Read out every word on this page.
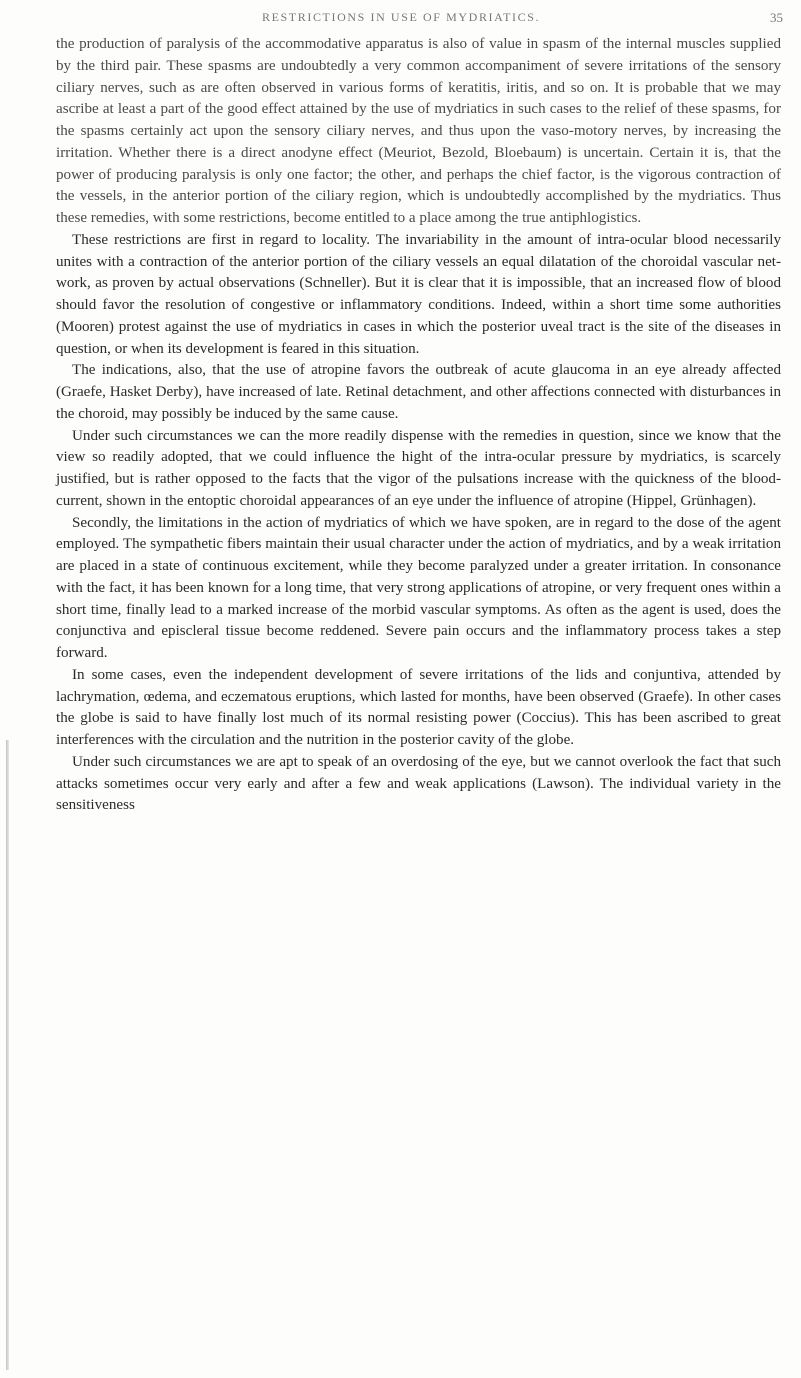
RESTRICTIONS IN USE OF MYDRIATICS.	35

the production of paralysis of the accommodative apparatus is also of value in spasm of the internal muscles supplied by the third pair. These spasms are undoubtedly a very common accompaniment of severe irritations of the sensory ciliary nerves, such as are often observed in various forms of keratitis, iritis, and so on. It is probable that we may ascribe at least a part of the good effect attained by the use of mydriatics in such cases to the relief of these spasms, for the spasms certainly act upon the sensory ciliary nerves, and thus upon the vaso-motory nerves, by increasing the irritation. Whether there is a direct anodyne effect (Meuriot, Bezold, Bloebaum) is uncertain. Certain it is, that the power of producing paralysis is only one factor; the other, and perhaps the chief factor, is the vigorous contraction of the vessels, in the anterior portion of the ciliary region, which is undoubtedly accomplished by the mydriatics. Thus these remedies, with some restrictions, become entitled to a place among the true antiphlogistics.

These restrictions are first in regard to locality. The invariability in the amount of intra-ocular blood necessarily unites with a contraction of the anterior portion of the ciliary vessels an equal dilatation of the choroidal vascular net-work, as proven by actual observations (Schneller). But it is clear that it is impossible, that an increased flow of blood should favor the resolution of congestive or inflammatory conditions. Indeed, within a short time some authorities (Mooren) protest against the use of mydriatics in cases in which the posterior uveal tract is the site of the diseases in question, or when its development is feared in this situation.

The indications, also, that the use of atropine favors the outbreak of acute glaucoma in an eye already affected (Graefe, Hasket Derby), have increased of late. Retinal detachment, and other affections connected with disturbances in the choroid, may possibly be induced by the same cause.

Under such circumstances we can the more readily dispense with the remedies in question, since we know that the view so readily adopted, that we could influence the hight of the intra-ocular pressure by mydriatics, is scarcely justified, but is rather opposed to the facts that the vigor of the pulsations increase with the quickness of the blood-current, shown in the entoptic choroidal appearances of an eye under the influence of atropine (Hippel, Grünhagen).

Secondly, the limitations in the action of mydriatics of which we have spoken, are in regard to the dose of the agent employed. The sympathetic fibers maintain their usual character under the action of mydriatics, and by a weak irritation are placed in a state of continuous excitement, while they become paralyzed under a greater irritation. In consonance with the fact, it has been known for a long time, that very strong applications of atropine, or very frequent ones within a short time, finally lead to a marked increase of the morbid vascular symptoms. As often as the agent is used, does the conjunctiva and episcleral tissue become reddened. Severe pain occurs and the inflammatory process takes a step forward.

In some cases, even the independent development of severe irritations of the lids and conjuntiva, attended by lachrymation, œdema, and eczematous eruptions, which lasted for months, have been observed (Graefe). In other cases the globe is said to have finally lost much of its normal resisting power (Coccius). This has been ascribed to great interferences with the circulation and the nutrition in the posterior cavity of the globe.

Under such circumstances we are apt to speak of an overdosing of the eye, but we cannot overlook the fact that such attacks sometimes occur very early and after a few and weak applications (Lawson). The individual variety in the sensitiveness
